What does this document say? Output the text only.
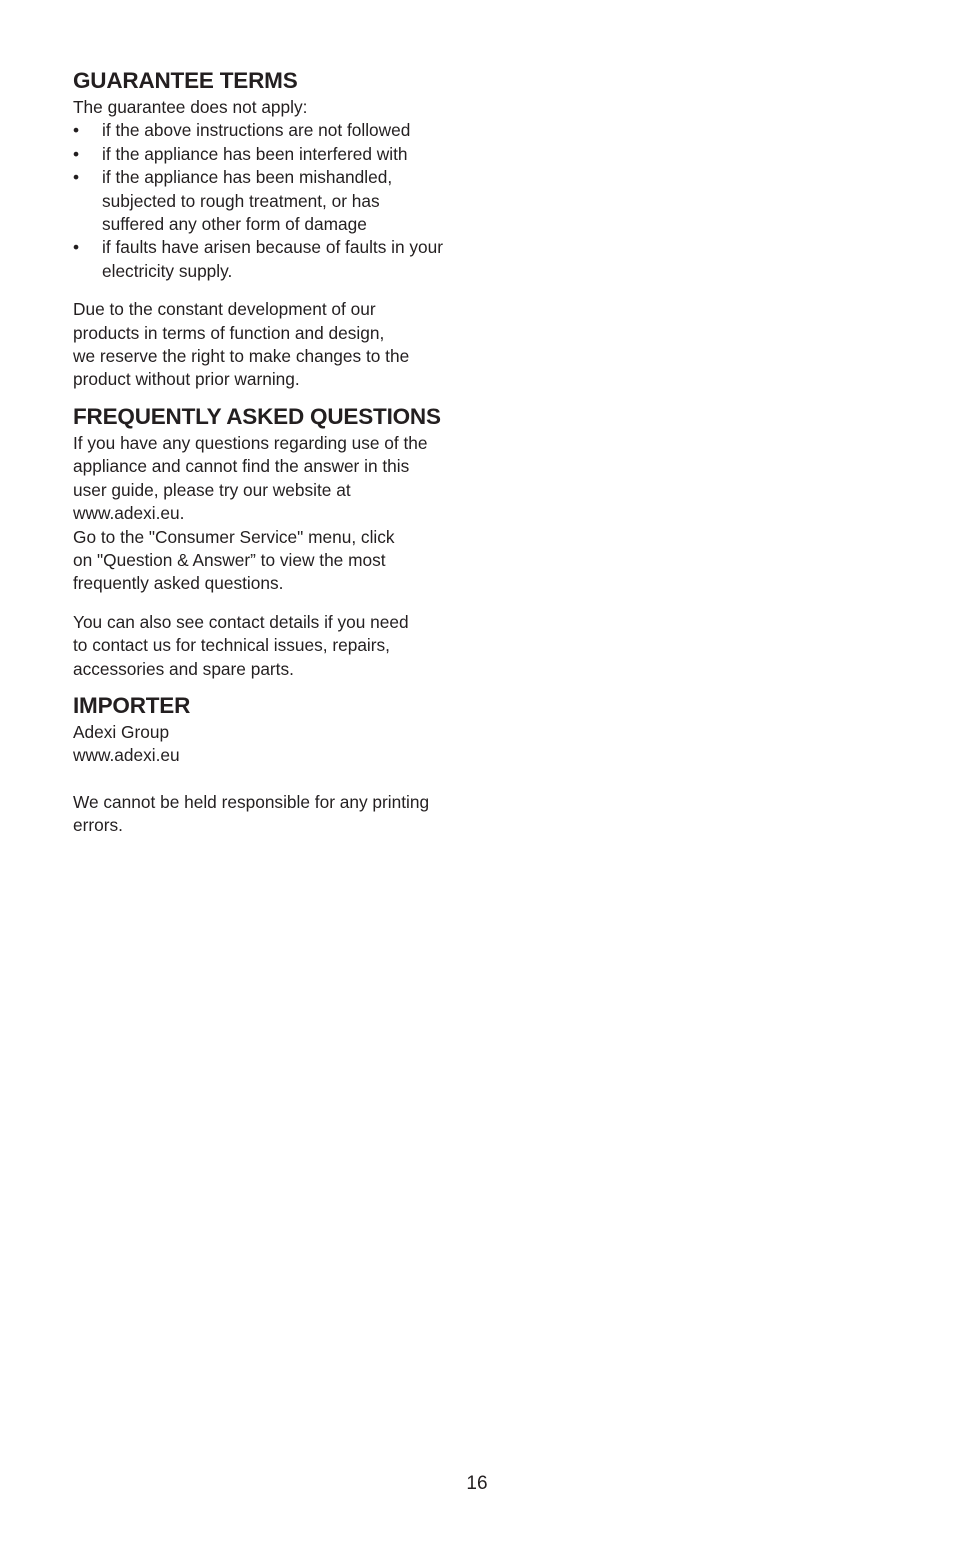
GUARANTEE TERMS

The guarantee does not apply:

• if the above instructions are not followed

• if the appliance has been interfered with

• if the appliance has been mishandled,

subjected to rough treatment, or has

suffered any other form of damage

• if faults have arisen because of faults in your

electricity supply.

Due to the constant development of our

products in terms of function and design,

we reserve the right to make changes to the

product without prior warning.

FREQUENTLY ASKED QUESTIONS

If you have any questions regarding use of the

appliance and cannot find the answer in this

user guide, please try our website at

www.adexi.eu.

Go to the "Consumer Service" menu, click

on "Question & Answer” to view the most

frequently asked questions.

You can also see contact details if you need

to contact us for technical issues, repairs,

accessories and spare parts.

IMPORTER

Adexi Group

www.adexi.eu

We cannot be held responsible for any printing

errors.

16
